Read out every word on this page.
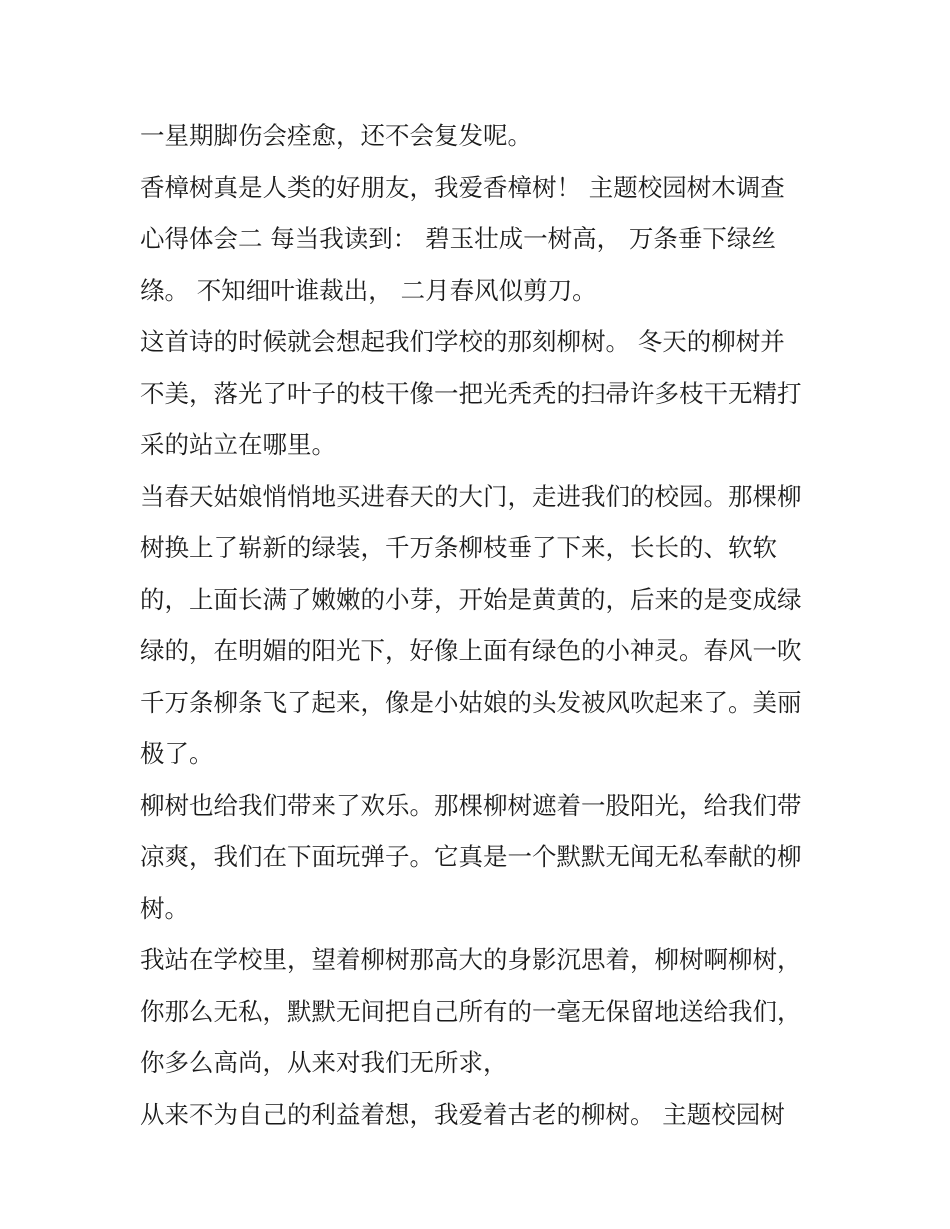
一星期脚伤会痊愈，还不会复发呢。
香樟树真是人类的好朋友，我爱香樟树！ 主题校园树木调查
心得体会二 每当我读到： 碧玉壮成一树高， 万条垂下绿丝
绦。 不知细叶谁裁出， 二月春风似剪刀。
这首诗的时候就会想起我们学校的那刻柳树。 冬天的柳树并
不美，落光了叶子的枝干像一把光秃秃的扫帚许多枝干无精打
采的站立在哪里。
当春天姑娘悄悄地买进春天的大门，走进我们的校园。那棵柳
树换上了崭新的绿装，千万条柳枝垂了下来，长长的、软软
的，上面长满了嫩嫩的小芽，开始是黄黄的，后来的是变成绿
绿的，在明媚的阳光下，好像上面有绿色的小神灵。春风一吹
千万条柳条飞了起来，像是小姑娘的头发被风吹起来了。美丽
极了。
柳树也给我们带来了欢乐。那棵柳树遮着一股阳光，给我们带
凉爽，我们在下面玩弹子。它真是一个默默无闻无私奉献的柳
树。
我站在学校里，望着柳树那高大的身影沉思着，柳树啊柳树，
你那么无私，默默无间把自己所有的一毫无保留地送给我们，
你多么高尚，从来对我们无所求，
从来不为自己的利益着想，我爱着古老的柳树。 主题校园树
